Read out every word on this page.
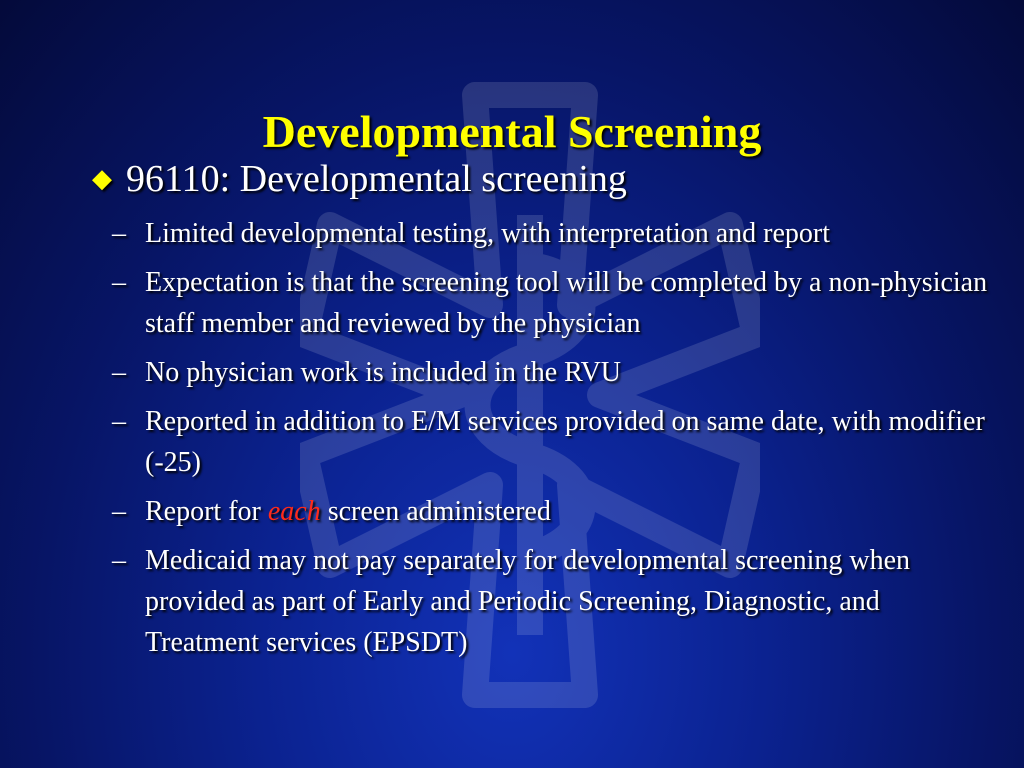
Developmental Screening
◆ 96110: Developmental screening
– Limited developmental testing, with interpretation and report
– Expectation is that the screening tool will be completed by a non-physician staff member and reviewed by the physician
– No physician work is included in the RVU
– Reported in addition to E/M services provided on same date, with modifier (-25)
– Report for each screen administered
– Medicaid may not pay separately for developmental screening when provided as part of Early and Periodic Screening, Diagnostic, and Treatment services (EPSDT)
